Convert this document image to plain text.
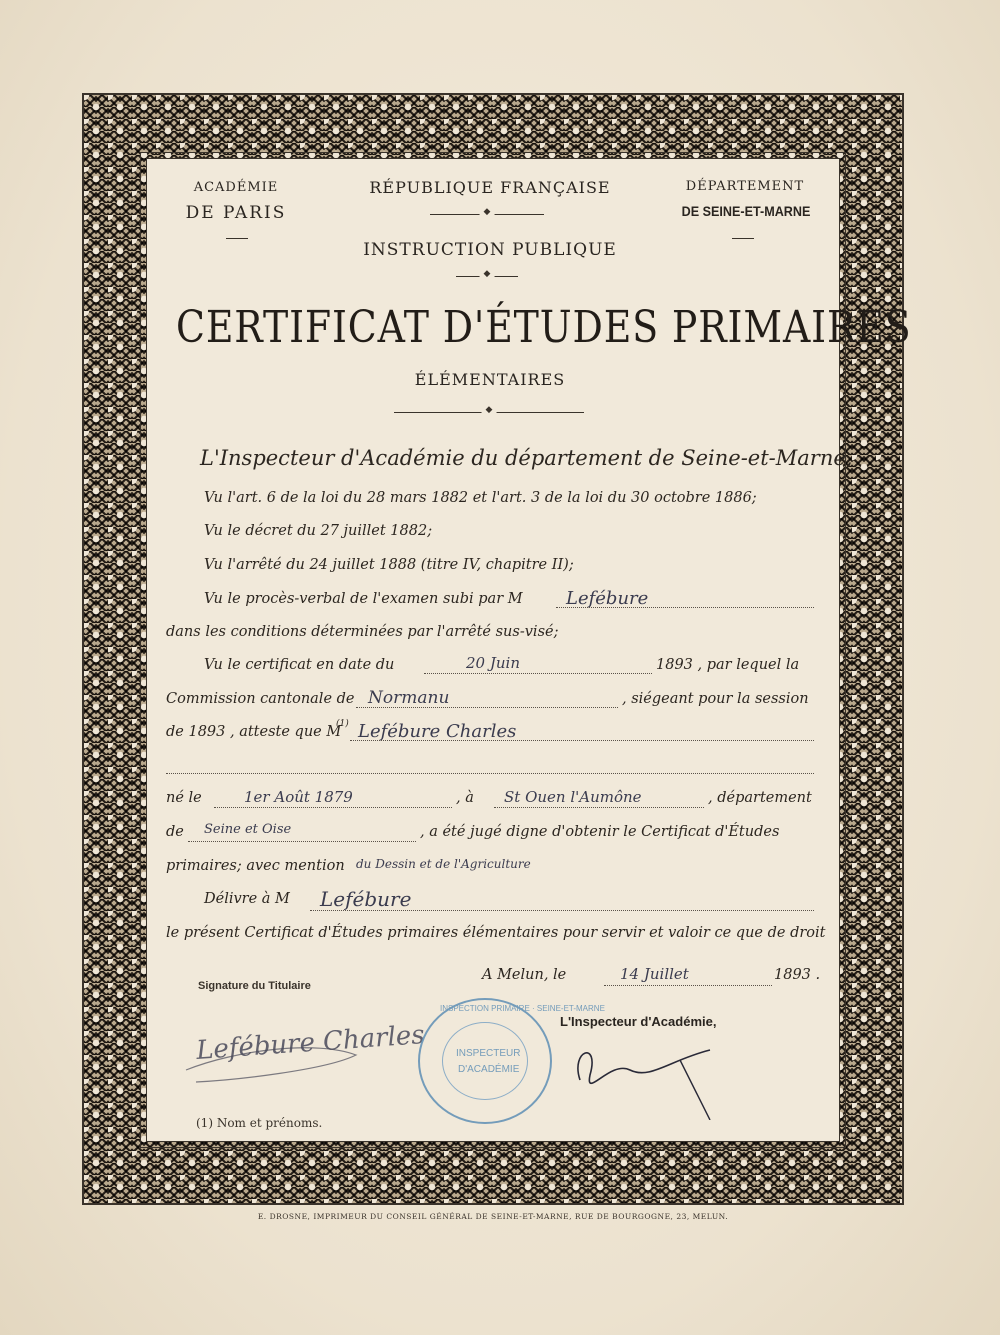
ACADÉMIE
DE PARIS
RÉPUBLIQUE FRANÇAISE
◆
INSTRUCTION PUBLIQUE
◆
DÉPARTEMENT
DE SEINE-ET-MARNE
CERTIFICAT D'ÉTUDES PRIMAIRES
ÉLÉMENTAIRES
◆
L'Inspecteur d'Académie du département de Seine-et-Marne,
Vu l'art. 6 de la loi du 28 mars 1882 et l'art. 3 de la loi du 30 octobre 1886;
Vu le décret du 27 juillet 1882;
Vu l'arrêté du 24 juillet 1888 (titre IV, chapitre II);
Vu le procès-verbal de l'examen subi par M Lefébure
dans les conditions déterminées par l'arrêté sus-visé;
Vu le certificat en date du	20 Juin	1893 , par lequel la
Commission cantonale de Normanu	, siégeant pour la session
de 1893 , atteste que M
(1) Lefébure Charles
né le	1er Août 1879	, à St Ouen l'Aumône	, département
de Seine et Oise	, a été jugé digne d'obtenir le Certificat d'Études
primaires; avec mention du Dessin et de l'Agriculture
Délivre à M Lefébure
le présent Certificat d'Études primaires élémentaires pour servir et valoir ce que de droit
A Melun, le	14 Juillet	1893 .
Signature du Titulaire
Lefébure Charles	L'Inspecteur d'Académie,
INSPECTION PRIMAIRE · SEINE-ET-MARNE
INSPECTEUR
D'ACADÉMIE
(1) Nom et prénoms.
E. DROSNE, IMPRIMEUR DU CONSEIL GÉNÉRAL DE SEINE-ET-MARNE, RUE DE BOURGOGNE, 23, MELUN.
